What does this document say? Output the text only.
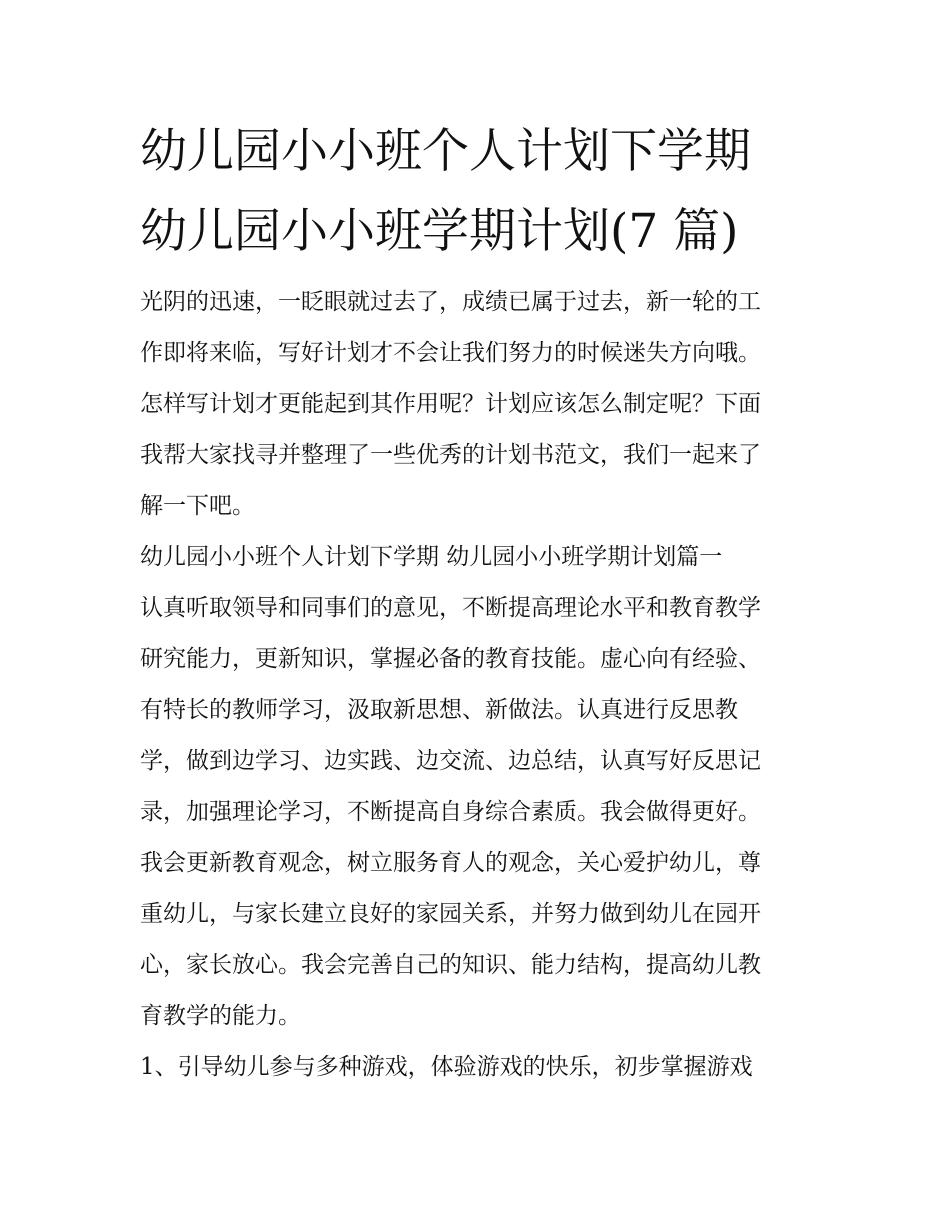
幼儿园小小班个人计划下学期
幼儿园小小班学期计划(7 篇)
光阴的迅速，一眨眼就过去了，成绩已属于过去，新一轮的工
作即将来临，写好计划才不会让我们努力的时候迷失方向哦。
怎样写计划才更能起到其作用呢？计划应该怎么制定呢？下面
我帮大家找寻并整理了一些优秀的计划书范文，我们一起来了
解一下吧。
幼儿园小小班个人计划下学期 幼儿园小小班学期计划篇一
认真听取领导和同事们的意见，不断提高理论水平和教育教学
研究能力，更新知识，掌握必备的教育技能。虚心向有经验、
有特长的教师学习，汲取新思想、新做法。认真进行反思教
学，做到边学习、边实践、边交流、边总结，认真写好反思记
录，加强理论学习，不断提高自身综合素质。我会做得更好。
我会更新教育观念，树立服务育人的观念，关心爱护幼儿，尊
重幼儿，与家长建立良好的家园关系，并努力做到幼儿在园开
心，家长放心。我会完善自己的知识、能力结构，提高幼儿教
育教学的能力。
1、引导幼儿参与多种游戏，体验游戏的快乐，初步掌握游戏
